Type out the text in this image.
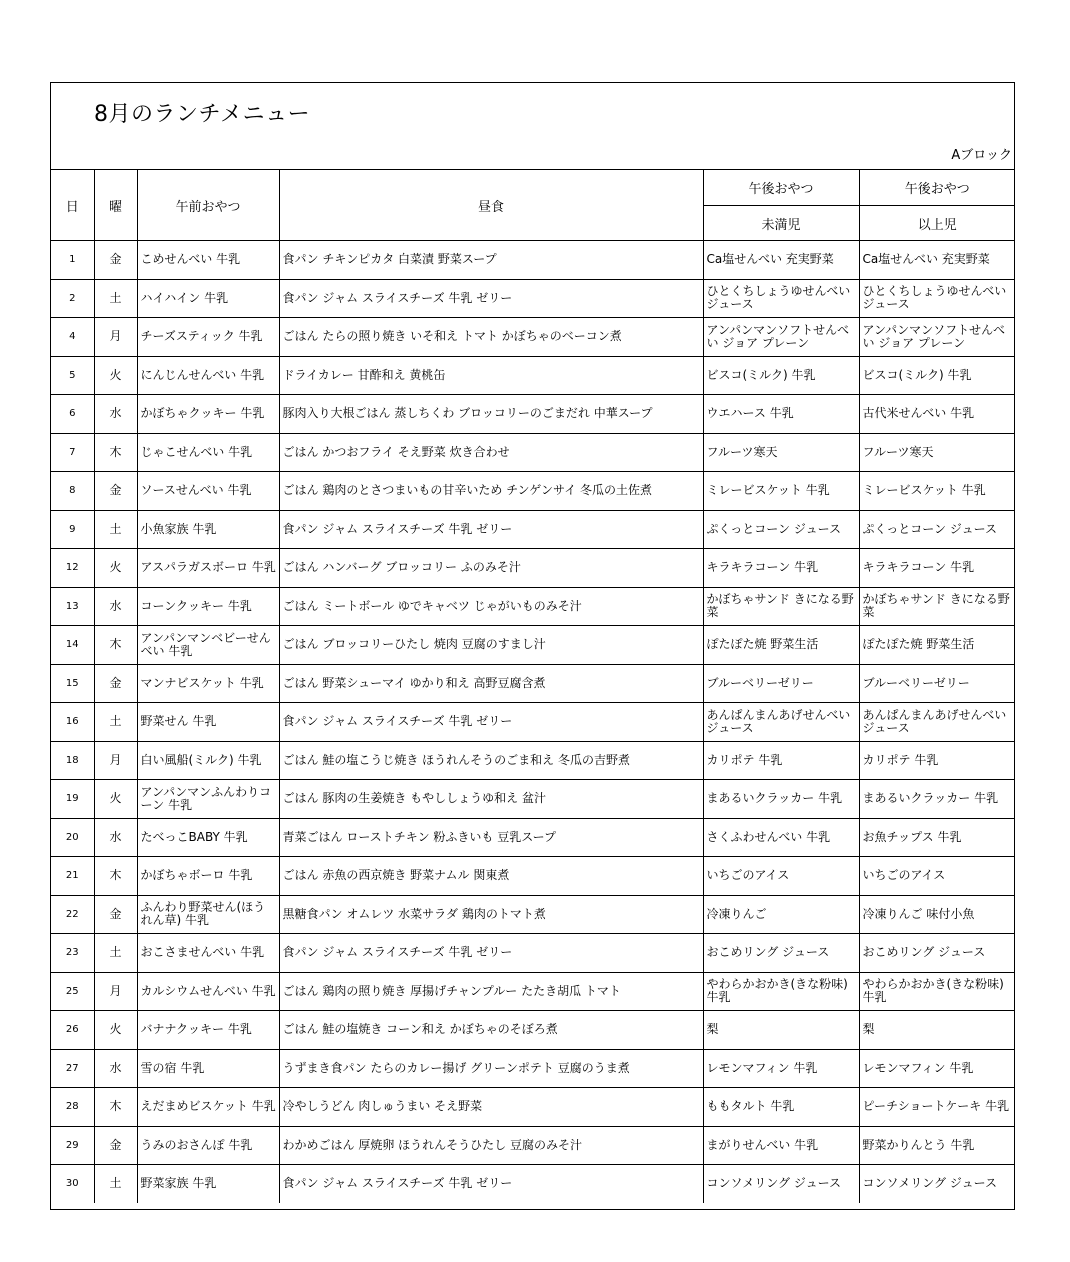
8月のランチメニュー
Aブロック
日	曜	午前おやつ	昼食	午後おやつ	午後おやつ
				未満児	以上児
1	金	こめせんべい 牛乳	食パン チキンピカタ 白菜漬 野菜スープ	Ca塩せんべい 充実野菜	Ca塩せんべい 充実野菜
2	土	ハイハイン 牛乳	食パン ジャム スライスチーズ 牛乳 ゼリー	ひとくちしょうゆせんべいジュース	ひとくちしょうゆせんべいジュース
4	月	チーズスティック 牛乳	ごはん たらの照り焼き いそ和え トマト かぼちゃのベーコン煮	アンパンマンソフトせんべい ジョア プレーン	アンパンマンソフトせんべい ジョア プレーン
5	火	にんじんせんべい 牛乳	ドライカレー 甘酢和え 黄桃缶	ビスコ(ミルク) 牛乳	ビスコ(ミルク) 牛乳
6	水	かぼちゃクッキー 牛乳	豚肉入り大根ごはん 蒸しちくわ ブロッコリーのごまだれ 中華スープ	ウエハース 牛乳	古代米せんべい 牛乳
7	木	じゃこせんべい 牛乳	ごはん かつおフライ そえ野菜 炊き合わせ	フルーツ寒天	フルーツ寒天
8	金	ソースせんべい 牛乳	ごはん 鶏肉のとさつまいもの甘辛いため チンゲンサイ 冬瓜の土佐煮	ミレービスケット 牛乳	ミレービスケット 牛乳
9	土	小魚家族 牛乳	食パン ジャム スライスチーズ 牛乳 ゼリー	ぷくっとコーン ジュース	ぷくっとコーン ジュース
12	火	アスパラガスボーロ 牛乳	ごはん ハンバーグ ブロッコリー ふのみそ汁	キラキラコーン 牛乳	キラキラコーン 牛乳
13	水	コーンクッキー 牛乳	ごはん ミートボール ゆでキャベツ じゃがいものみそ汁	かぼちゃサンド きになる野菜	かぼちゃサンド きになる野菜
14	木	アンパンマンベビーせんべい 牛乳	ごはん ブロッコリーひたし 焼肉 豆腐のすまし汁	ぽたぽた焼 野菜生活	ぽたぽた焼 野菜生活
15	金	マンナビスケット 牛乳	ごはん 野菜シューマイ ゆかり和え 高野豆腐含煮	ブルーベリーゼリー	ブルーベリーゼリー
16	土	野菜せん 牛乳	食パン ジャム スライスチーズ 牛乳 ゼリー	あんぱんまんあげせんべい ジュース	あんぱんまんあげせんべい ジュース
18	月	白い風船(ミルク) 牛乳	ごはん 鮭の塩こうじ焼き ほうれんそうのごま和え 冬瓜の吉野煮	カリポテ 牛乳	カリポテ 牛乳
19	火	アンパンマンふんわりコーン 牛乳	ごはん 豚肉の生姜焼き もやししょうゆ和え 盆汁	まあるいクラッカー 牛乳	まあるいクラッカー 牛乳
20	水	たべっこBABY 牛乳	青菜ごはん ローストチキン 粉ふきいも 豆乳スープ	さくふわせんべい 牛乳	お魚チップス 牛乳
21	木	かぼちゃボーロ 牛乳	ごはん 赤魚の西京焼き 野菜ナムル 関東煮	いちごのアイス	いちごのアイス
22	金	ふんわり野菜せん(ほうれん草) 牛乳	黒糖食パン オムレツ 水菜サラダ 鶏肉のトマト煮	冷凍りんご	冷凍りんご 味付小魚
23	土	おこさませんべい 牛乳	食パン ジャム スライスチーズ 牛乳 ゼリー	おこめリング ジュース	おこめリング ジュース
25	月	カルシウムせんべい 牛乳	ごはん 鶏肉の照り焼き 厚揚げチャンプルー たたき胡瓜 トマト	やわらかおかき(きな粉味)牛乳	やわらかおかき(きな粉味)牛乳
26	火	バナナクッキー 牛乳	ごはん 鮭の塩焼き コーン和え かぼちゃのそぼろ煮	梨	梨
27	水	雪の宿 牛乳	うずまき食パン たらのカレー揚げ グリーンポテト 豆腐のうま煮	レモンマフィン 牛乳	レモンマフィン 牛乳
28	木	えだまめビスケット 牛乳	冷やしうどん 肉しゅうまい そえ野菜	ももタルト 牛乳	ピーチショートケーキ 牛乳
29	金	うみのおさんぽ 牛乳	わかめごはん 厚焼卵 ほうれんそうひたし 豆腐のみそ汁	まがりせんべい 牛乳	野菜かりんとう 牛乳
30	土	野菜家族 牛乳	食パン ジャム スライスチーズ 牛乳 ゼリー	コンソメリング ジュース	コンソメリング ジュース
